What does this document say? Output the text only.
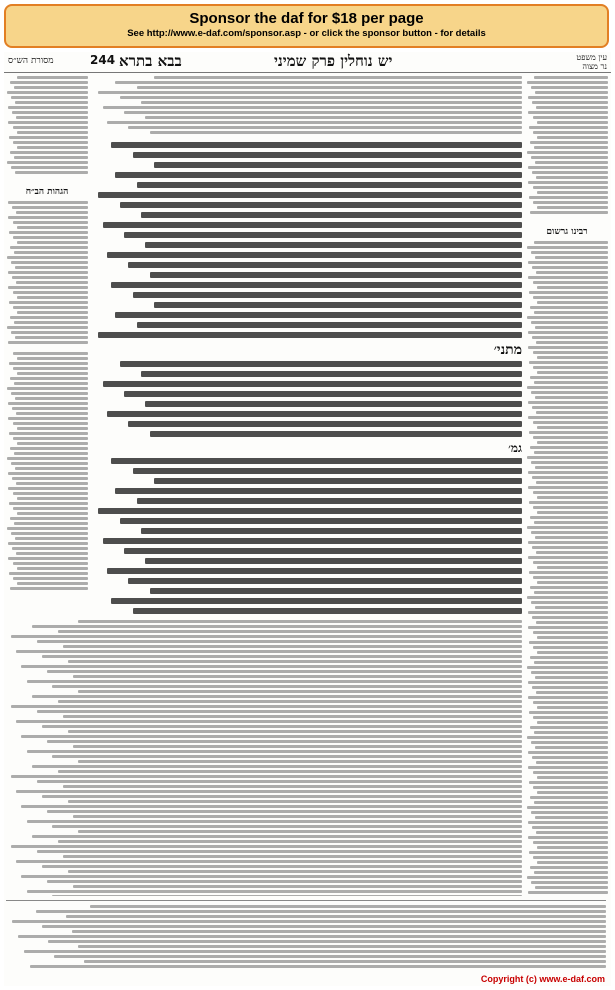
Sponsor the daf for $18 per page
See http://www.e-daf.com/sponsor.asp - or click the sponsor button - for details
מסורת הש״ס	244 בבא בתרא	יש נוחלין פרק שמיני	עין משפט
נר מצוה
הגהות הב״ח
רבינו גרשום
מתני׳
גמ׳
Copyright (c) www.e-daf.com
